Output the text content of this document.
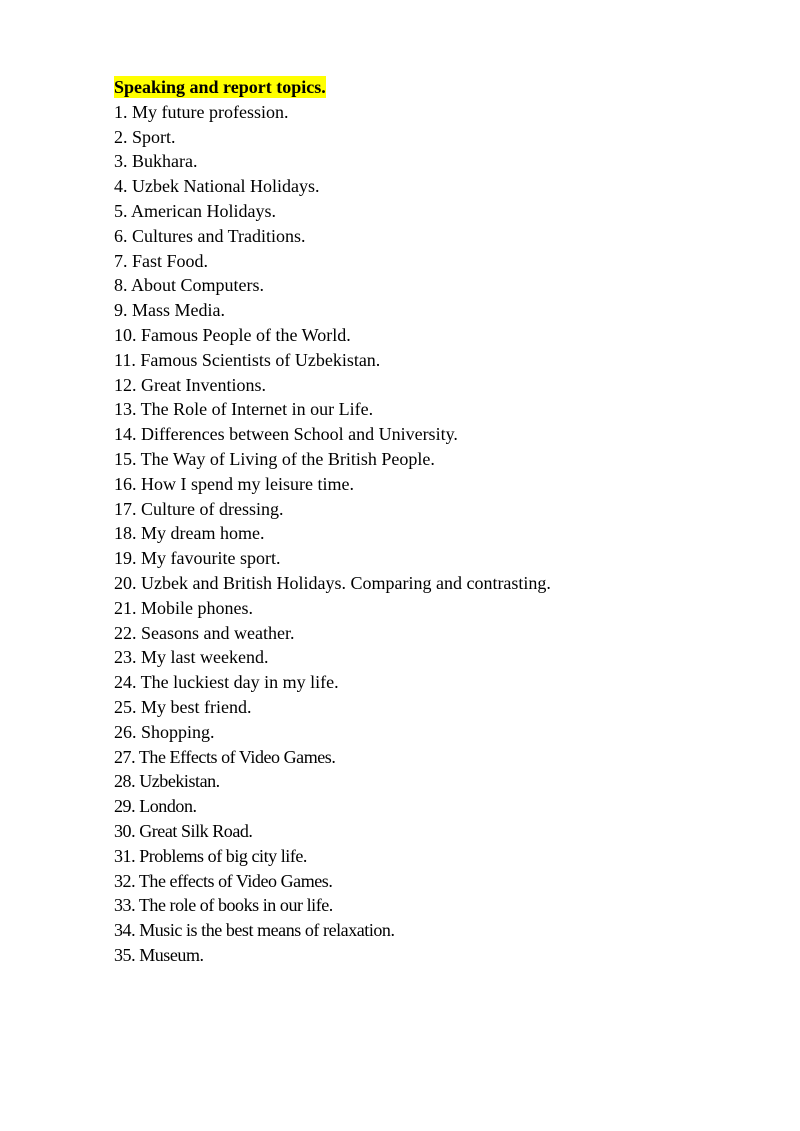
Speaking and report topics.
1. My future profession.
2. Sport.
3. Bukhara.
4. Uzbek National Holidays.
5. American Holidays.
6. Cultures and Traditions.
7. Fast Food.
8. About Computers.
9. Mass Media.
10. Famous People of the World.
11. Famous Scientists of Uzbekistan.
12. Great Inventions.
13. The Role of Internet in our Life.
14. Differences between School and University.
15. The Way of Living of the British People.
16. How I spend my leisure time.
17. Culture of dressing.
18. My dream home.
19. My favourite sport.
20. Uzbek and British Holidays. Comparing and contrasting.
21. Mobile phones.
22. Seasons and weather.
23. My last weekend.
24. The luckiest day in my life.
25. My best friend.
26. Shopping.
27. The Effects of Video Games.
28. Uzbekistan.
29. London.
30. Great Silk Road.
31. Problems of big city life.
32. The effects of Video Games.
33. The role of books in our life.
34. Music is the best means of relaxation.
35. Museum.
